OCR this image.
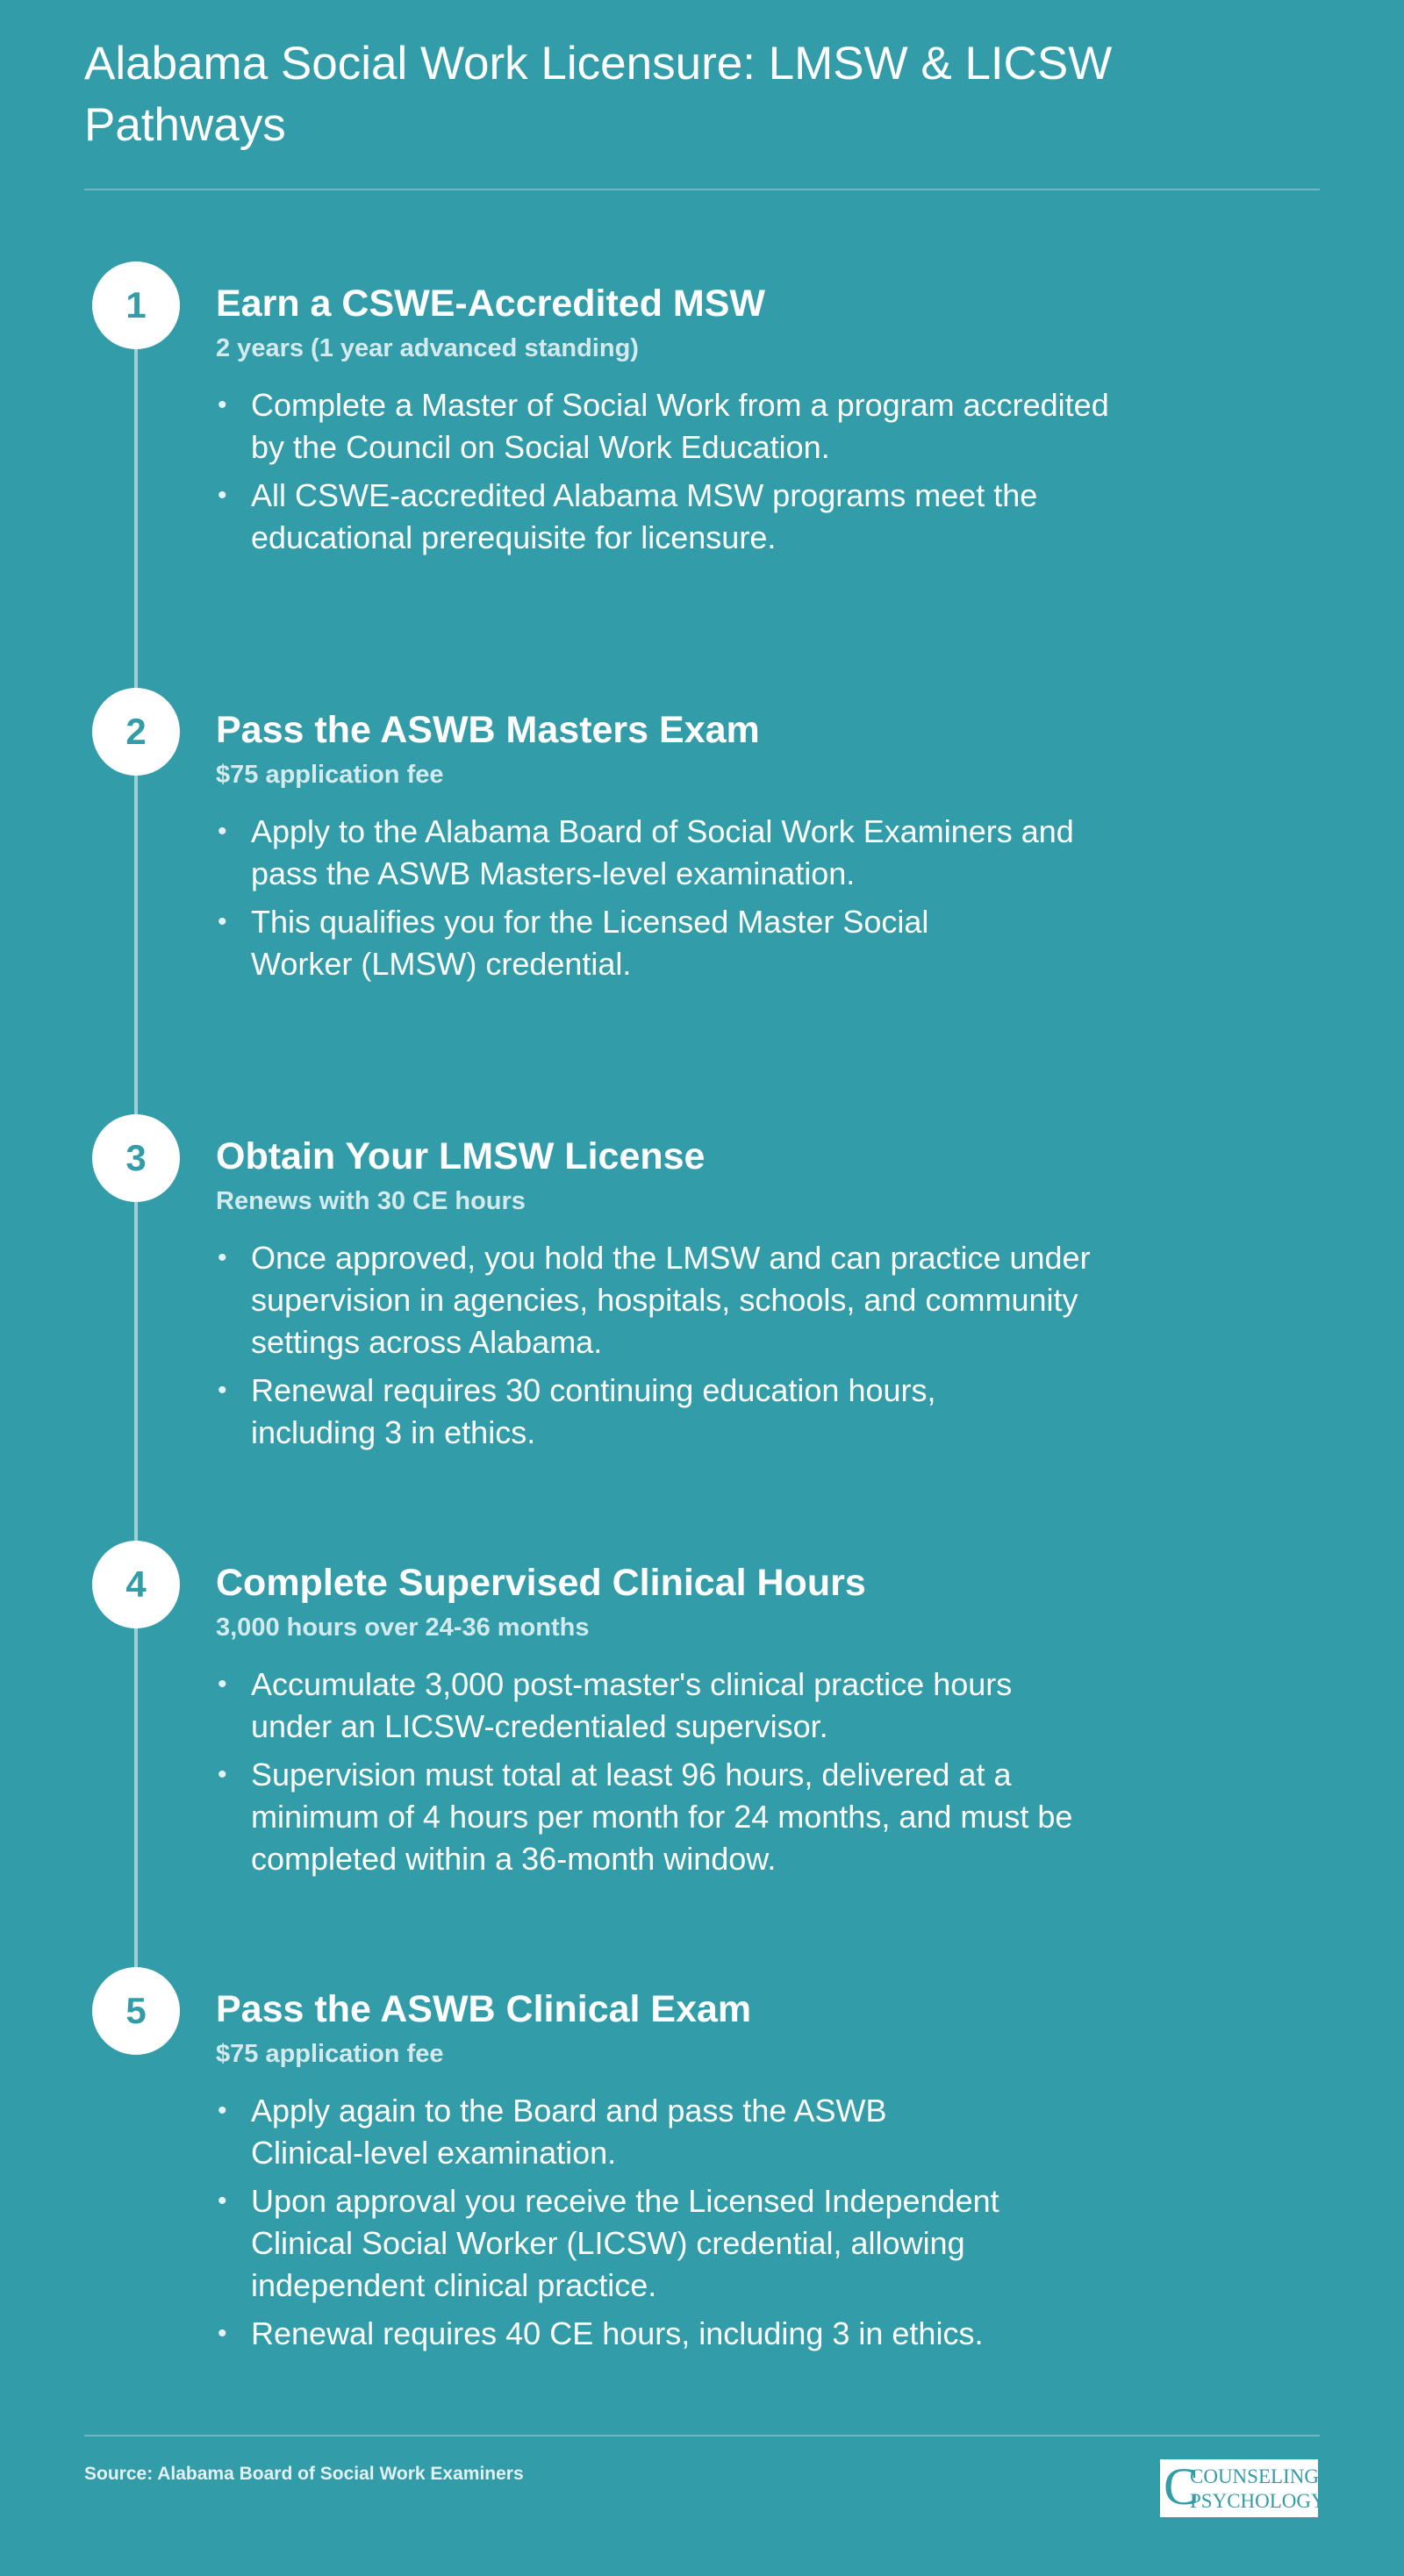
Alabama Social Work Licensure: LMSW & LICSW Pathways
1	Earn a CSWE-Accredited MSW
2 years (1 year advanced standing)
• Complete a Master of Social Work from a program accredited by the Council on Social Work Education.
• All CSWE-accredited Alabama MSW programs meet the educational prerequisite for licensure.
2	Pass the ASWB Masters Exam
$75 application fee
• Apply to the Alabama Board of Social Work Examiners and pass the ASWB Masters-level examination.
• This qualifies you for the Licensed Master Social Worker (LMSW) credential.
3	Obtain Your LMSW License
Renews with 30 CE hours
• Once approved, you hold the LMSW and can practice under supervision in agencies, hospitals, schools, and community settings across Alabama.
• Renewal requires 30 continuing education hours, including 3 in ethics.
4	Complete Supervised Clinical Hours
3,000 hours over 24-36 months
• Accumulate 3,000 post-master's clinical practice hours under an LICSW-credentialed supervisor.
• Supervision must total at least 96 hours, delivered at a minimum of 4 hours per month for 24 months, and must be completed within a 36-month window.
5	Pass the ASWB Clinical Exam
$75 application fee
• Apply again to the Board and pass the ASWB Clinical-level examination.
• Upon approval you receive the Licensed Independent Clinical Social Worker (LICSW) credential, allowing independent clinical practice.
• Renewal requires 40 CE hours, including 3 in ethics.
Source: Alabama Board of Social Work Examiners	C
COUNSELING
PSYCHOLOGY
